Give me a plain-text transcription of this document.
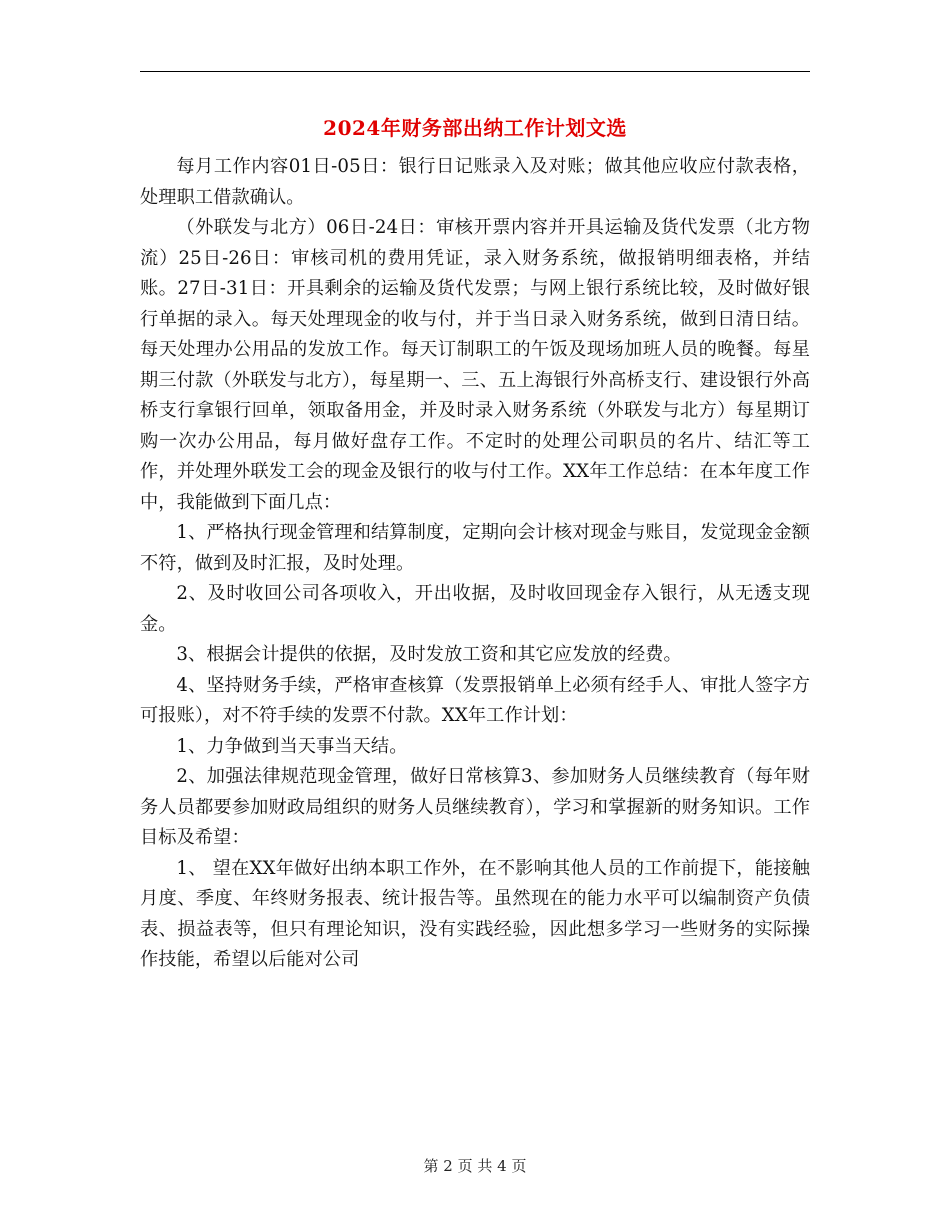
2024年财务部出纳工作计划文选

每月工作内容01日-05日：银行日记账录入及对账；做其他应收应付款表格，处理职工借款确认。

（外联发与北方）06日-24日：审核开票内容并开具运输及货代发票（北方物流）25日-26日：审核司机的费用凭证，录入财务系统，做报销明细表格，并结账。27日-31日：开具剩余的运输及货代发票；与网上银行系统比较，及时做好银行单据的录入。每天处理现金的收与付，并于当日录入财务系统，做到日清日结。每天处理办公用品的发放工作。每天订制职工的午饭及现场加班人员的晚餐。每星期三付款（外联发与北方），每星期一、三、五上海银行外高桥支行、建设银行外高桥支行拿银行回单，领取备用金，并及时录入财务系统（外联发与北方）每星期订购一次办公用品，每月做好盘存工作。不定时的处理公司职员的名片、结汇等工作，并处理外联发工会的现金及银行的收与付工作。XX年工作总结：在本年度工作中，我能做到下面几点：

1、严格执行现金管理和结算制度，定期向会计核对现金与账目，发觉现金金额不符，做到及时汇报，及时处理。

2、及时收回公司各项收入，开出收据，及时收回现金存入银行，从无透支现金。

3、根据会计提供的依据，及时发放工资和其它应发放的经费。

4、坚持财务手续，严格审查核算（发票报销单上必须有经手人、审批人签字方可报账），对不符手续的发票不付款。XX年工作计划：

1、力争做到当天事当天结。

2、加强法律规范现金管理，做好日常核算3、参加财务人员继续教育（每年财务人员都要参加财政局组织的财务人员继续教育），学习和掌握新的财务知识。工作目标及希望：

1、 望在XX年做好出纳本职工作外，在不影响其他人员的工作前提下，能接触月度、季度、年终财务报表、统计报告等。虽然现在的能力水平可以编制资产负债表、损益表等，但只有理论知识，没有实践经验，因此想多学习一些财务的实际操作技能，希望以后能对公司

第 2 页 共 4 页
